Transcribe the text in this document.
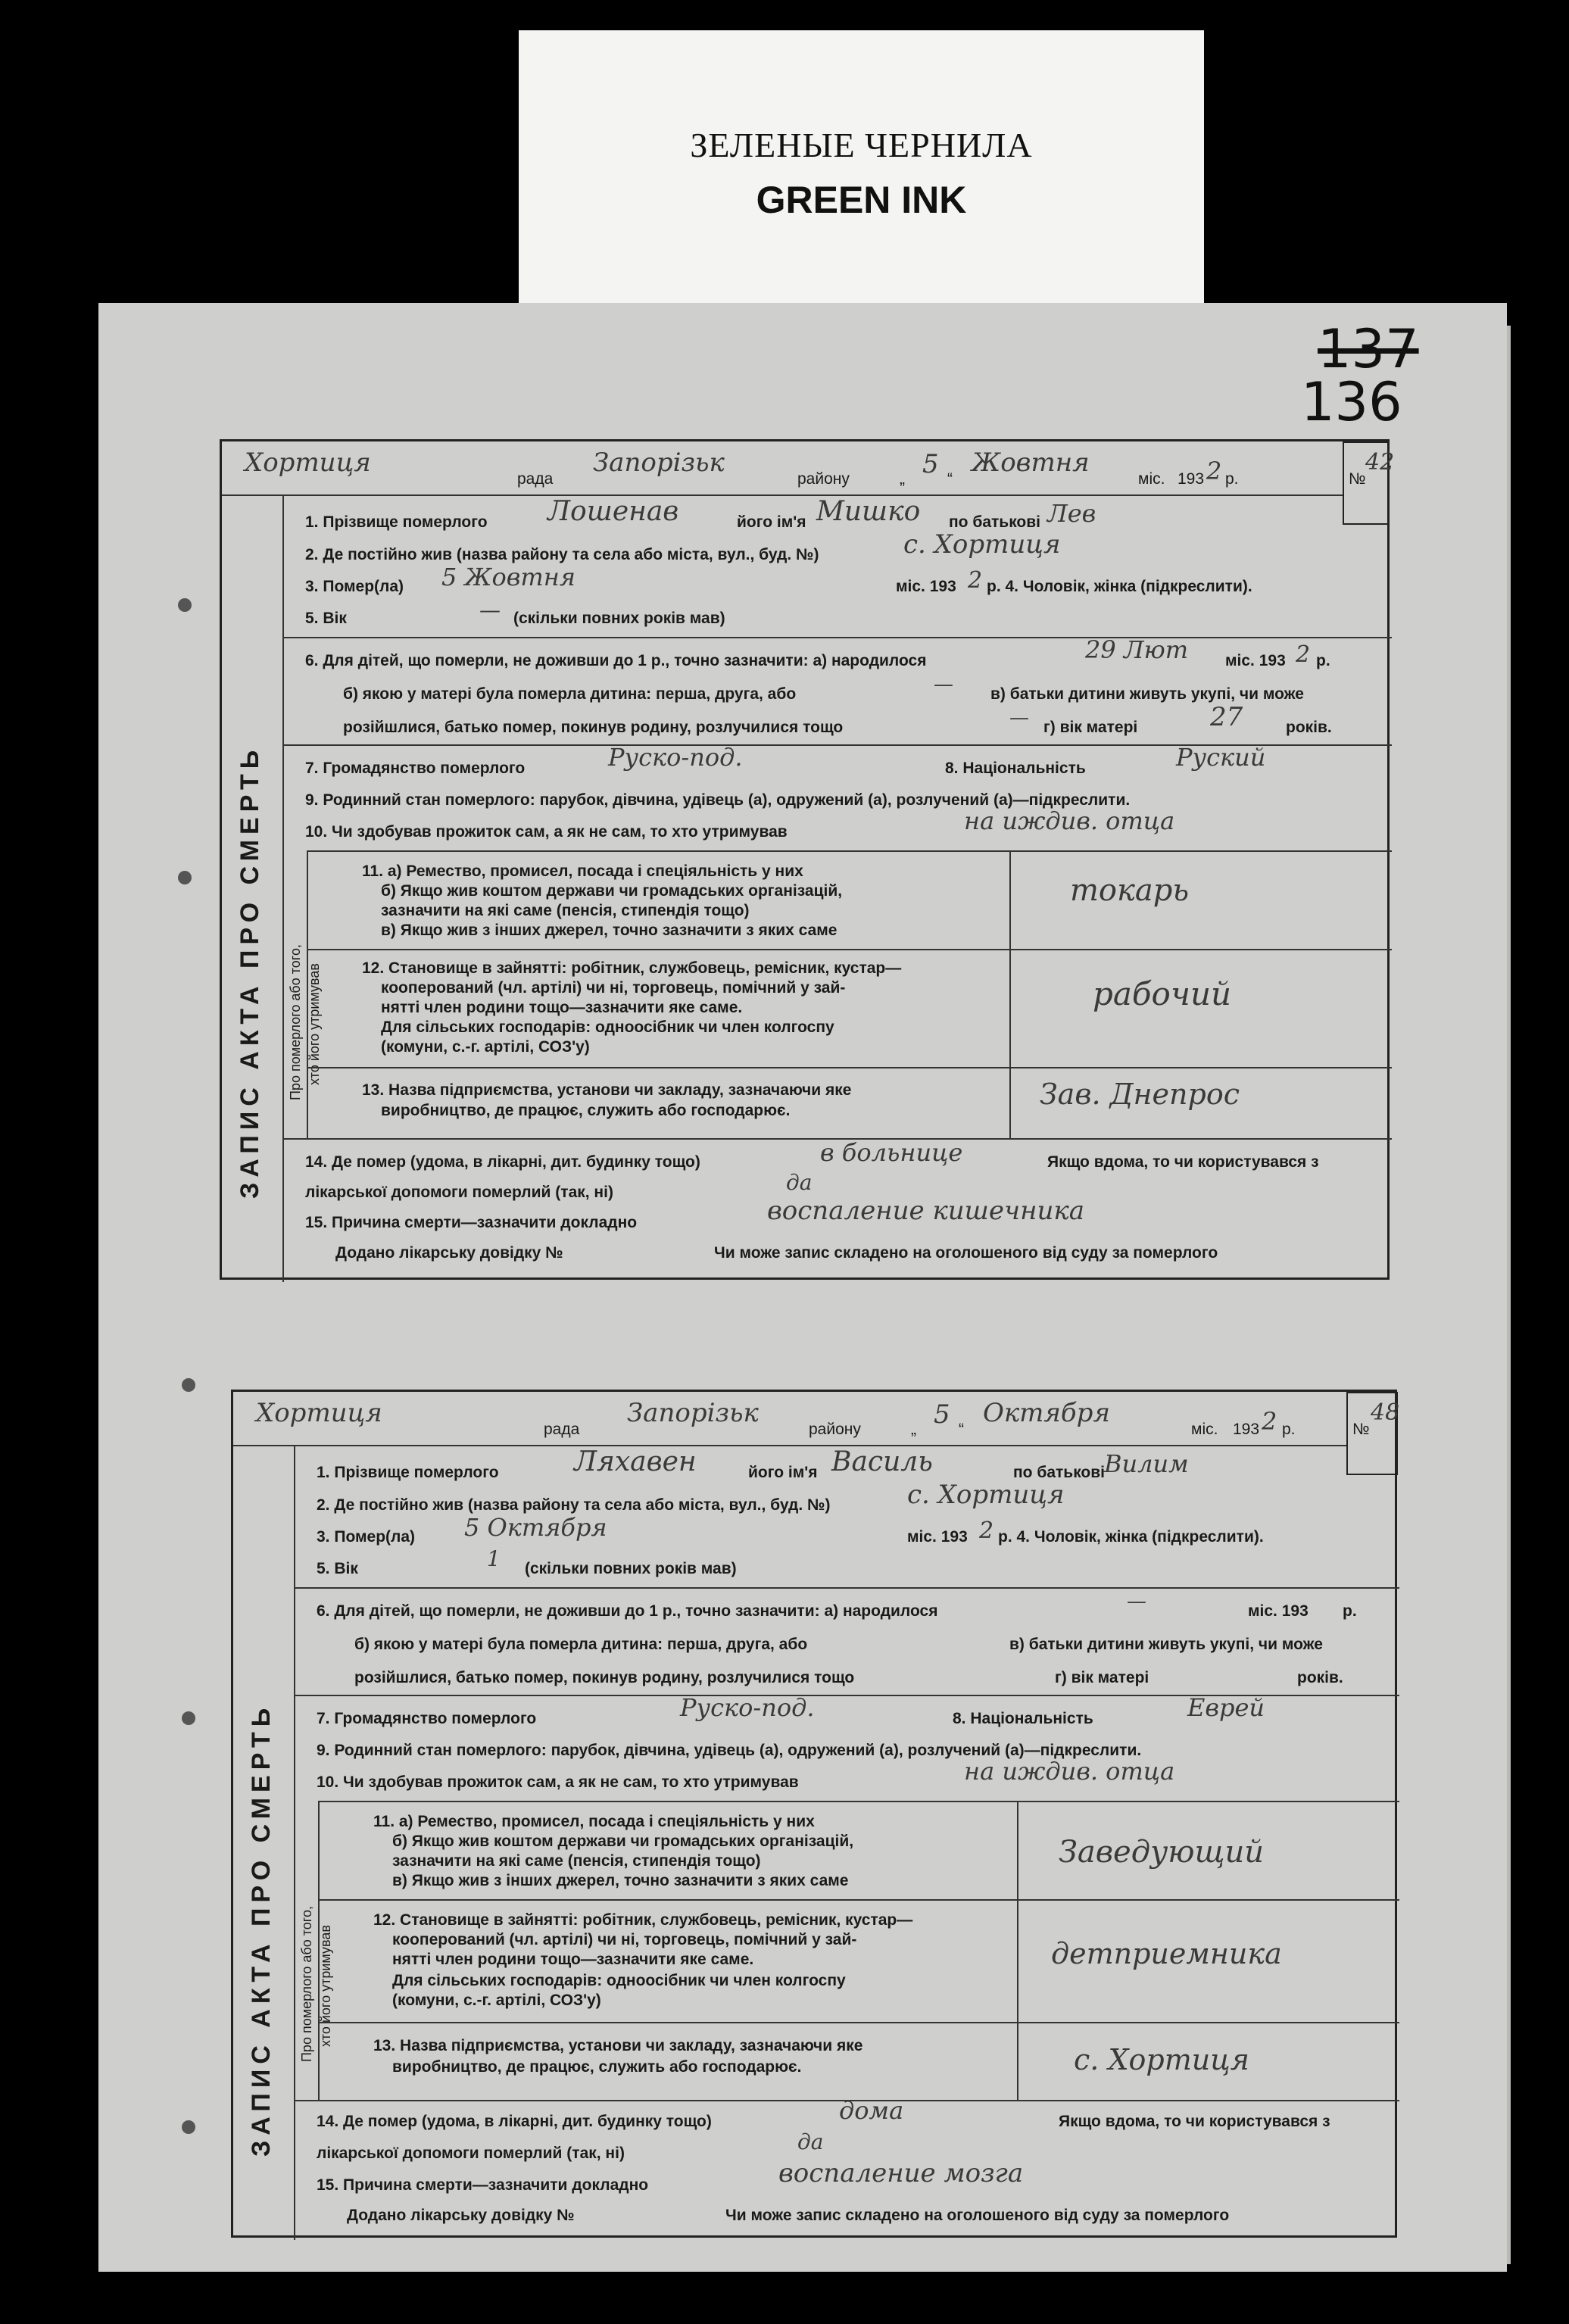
ЗЕЛЕНЫЕ ЧЕРНИЛА
GREEN INK
137
136
Хортиця
рада
Запорізьк
району	„ 5 “
Жовтня
міс. 193 2 р.	№
42
ЗАПИС АКТА ПРО СМЕРТЬ Про померлого або того, хто його утримував
1. Прізвище померлого Лошенав	його ім'я Мишко по батькові Лев
2. Де постійно жив (назва району та села або міста, вул., буд. №)	с. Хортиця
3. Помер(ла) 5 Жовтня	міс. 193 2 р. 4. Чоловік, жінка (підкреслити).
5. Вік	— (скільки повних років мав)
6. Для дітей, що померли, не доживши до 1 р., точно зазначити: а) народилося	29 Лют міс. 193 2 р.
б) якою у матері була померла дитина: перша, друга, або	— в) батьки дитини живуть укупі, чи може
розійшлися, батько помер, покинув родину, розлучилися тощо	— г) вік матері	27	років.
7. Громадянство померлого	Руско-под.	8. Національність	Руский
9. Родинний стан померлого: парубок, дівчина, удівець (а), одружений (а), розлучений (а)—підкреслити.
10. Чи здобував прожиток сам, а як не сам, то хто утримував	на иждив. отца
11. а) Ремество, промисел, посада і спеціяльність у них
б) Якщо жив коштом держави чи громадських організацій,
зазначити на які саме (пенсія, стипендія тощо)
в) Якщо жив з інших джерел, точно зазначити з яких саме
токарь
12. Становище в зайнятті: робітник, службовець, ремісник, кустар—
кооперований (чл. артілі) чи ні, торговець, помічний у зай-
нятті член родини тощо—зазначити яке саме.
Для сільських господарів: одноосібник чи член колгоспу
(комуни, с.-г. артілі, СОЗ'у)
рабочий
13. Назва підприємства, установи чи закладу, зазначаючи яке
виробництво, де працює, служить або господарює.	Зав. Днепрос
14. Де помер (удома, в лікарні, дит. будинку тощо)	в больнице	Якщо вдома, то чи користувався з
лікарської допомоги померлий (так, ні)	да
15. Причина смерти—зазначити докладно	воспаление кишечника
Додано лікарську довідку №	Чи може запис складено на оголошеного від суду за померлого
Хортиця
рада
Запорізьк
району	„ 5 “
Октября
міс. 193 2 р.	№
48
ЗАПИС АКТА ПРО СМЕРТЬ Про померлого або того, хто його утримував
1. Прізвище померлого	Ляхавен	його ім'я Василь	по батькові Вилим
2. Де постійно жив (назва району та села або міста, вул., буд. №)	с. Хортиця
3. Помер(ла) 5 Октября	міс. 193 2 р. 4. Чоловік, жінка (підкреслити).
5. Вік	1 (скільки повних років мав)
6. Для дітей, що померли, не доживши до 1 р., точно зазначити: а) народилося	—	міс. 193 р.
б) якою у матері була померла дитина: перша, друга, або	в) батьки дитини живуть укупі, чи може
розійшлися, батько помер, покинув родину, розлучилися тощо	г) вік матері	років.
7. Громадянство померлого	Руско-под.	8. Національність	Еврей
9. Родинний стан померлого: парубок, дівчина, удівець (а), одружений (а), розлучений (а)—підкреслити.
10. Чи здобував прожиток сам, а як не сам, то хто утримував	на иждив. отца
11. а) Ремество, промисел, посада і спеціяльність у них
б) Якщо жив коштом держави чи громадських організацій,
зазначити на які саме (пенсія, стипендія тощо)
в) Якщо жив з інших джерел, точно зазначити з яких саме
Заведующий
12. Становище в зайнятті: робітник, службовець, ремісник, кустар—
кооперований (чл. артілі) чи ні, торговець, помічний у зай-
нятті член родини тощо—зазначити яке саме.
Для сільських господарів: одноосібник чи член колгоспу
(комуни, с.-г. артілі, СОЗ'у)
детприемника
13. Назва підприємства, установи чи закладу, зазначаючи яке
виробництво, де працює, служить або господарює.	с. Хортиця
14. Де помер (удома, в лікарні, дит. будинку тощо)	дома	Якщо вдома, то чи користувався з
лікарської допомоги померлий (так, ні)	да
15. Причина смерти—зазначити докладно	воспаление мозга
Додано лікарську довідку №	Чи може запис складено на оголошеного від суду за померлого
